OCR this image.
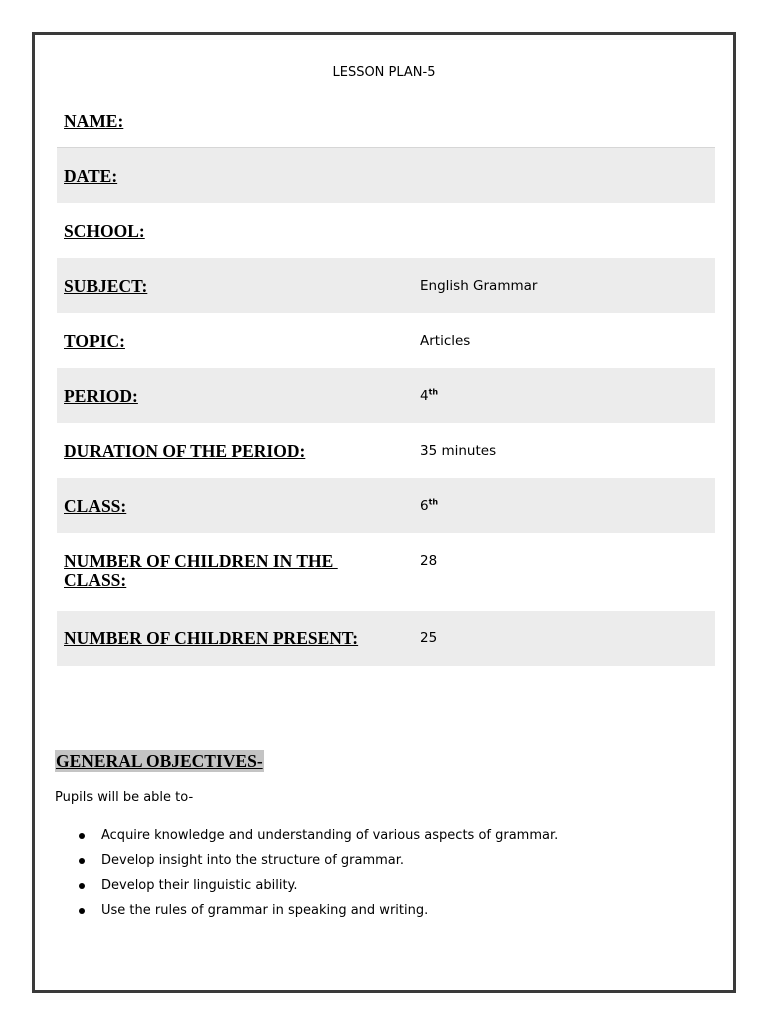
LESSON PLAN-5
NAME:
DATE:
SCHOOL:
SUBJECT:	English Grammar
TOPIC:	Articles
PERIOD:	4th
DURATION OF THE PERIOD:	35 minutes
CLASS:	6th
NUMBER OF CHILDREN IN THE
CLASS:
28
NUMBER OF CHILDREN PRESENT:	25
GENERAL OBJECTIVES-
Pupils will be able to-
Acquire knowledge and understanding of various aspects of grammar.
Develop insight into the structure of grammar.
Develop their linguistic ability.
Use the rules of grammar in speaking and writing.
